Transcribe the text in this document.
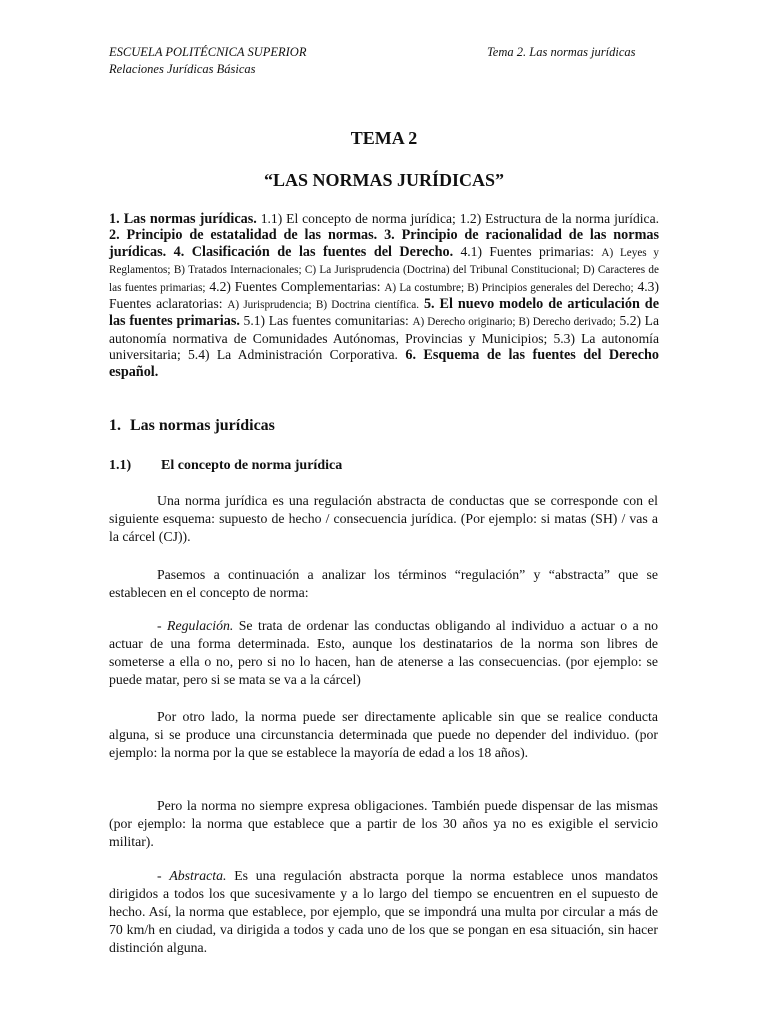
ESCUELA POLITÉCNICA SUPERIOR
Relaciones Jurídicas Básicas
Tema 2. Las normas jurídicas
TEMA 2
“LAS NORMAS JURÍDICAS”

1. Las normas jurídicas. 1.1) El concepto de norma jurídica; 1.2) Estructura de la norma jurídica. 2. Principio de estatalidad de las normas. 3. Principio de racionalidad de las normas jurídicas. 4. Clasificación de las fuentes del Derecho. 4.1) Fuentes primarias: A) Leyes y Reglamentos; B) Tratados Internacionales; C) La Jurisprudencia (Doctrina) del Tribunal Constitucional; D) Caracteres de las fuentes primarias; 4.2) Fuentes Complementarias: A) La costumbre; B) Principios generales del Derecho; 4.3) Fuentes aclaratorias: A) Jurisprudencia; B) Doctrina científica. 5. El nuevo modelo de articulación de las fuentes primarias. 5.1) Las fuentes comunitarias: A) Derecho originario; B) Derecho derivado; 5.2) La autonomía normativa de Comunidades Autónomas, Provincias y Municipios; 5.3) La autonomía universitaria; 5.4) La Administración Corporativa. 6. Esquema de las fuentes del Derecho español.

1. Las normas jurídicas
1.1) El concepto de norma jurídica

Una norma jurídica es una regulación abstracta de conductas que se corresponde con el siguiente esquema: supuesto de hecho / consecuencia jurídica. (Por ejemplo: si matas (SH) / vas a la cárcel (CJ)).

Pasemos a continuación a analizar los términos “regulación” y “abstracta” que se establecen en el concepto de norma:

- Regulación. Se trata de ordenar las conductas obligando al individuo a actuar o a no actuar de una forma determinada. Esto, aunque los destinatarios de la norma son libres de someterse a ella o no, pero si no lo hacen, han de atenerse a las consecuencias. (por ejemplo: se puede matar, pero si se mata se va a la cárcel)

Por otro lado, la norma puede ser directamente aplicable sin que se realice conducta alguna, si se produce una circunstancia determinada que puede no depender del individuo. (por ejemplo: la norma por la que se establece la mayoría de edad a los 18 años).

Pero la norma no siempre expresa obligaciones. También puede dispensar de las mismas (por ejemplo: la norma que establece que a partir de los 30 años ya no es exigible el servicio militar).

- Abstracta. Es una regulación abstracta porque la norma establece unos mandatos dirigidos a todos los que sucesivamente y a lo largo del tiempo se encuentren en el supuesto de hecho. Así, la norma que establece, por ejemplo, que se impondrá una multa por circular a más de 70 km/h en ciudad, va dirigida a todos y cada uno de los que se pongan en esa situación, sin hacer distinción alguna.
